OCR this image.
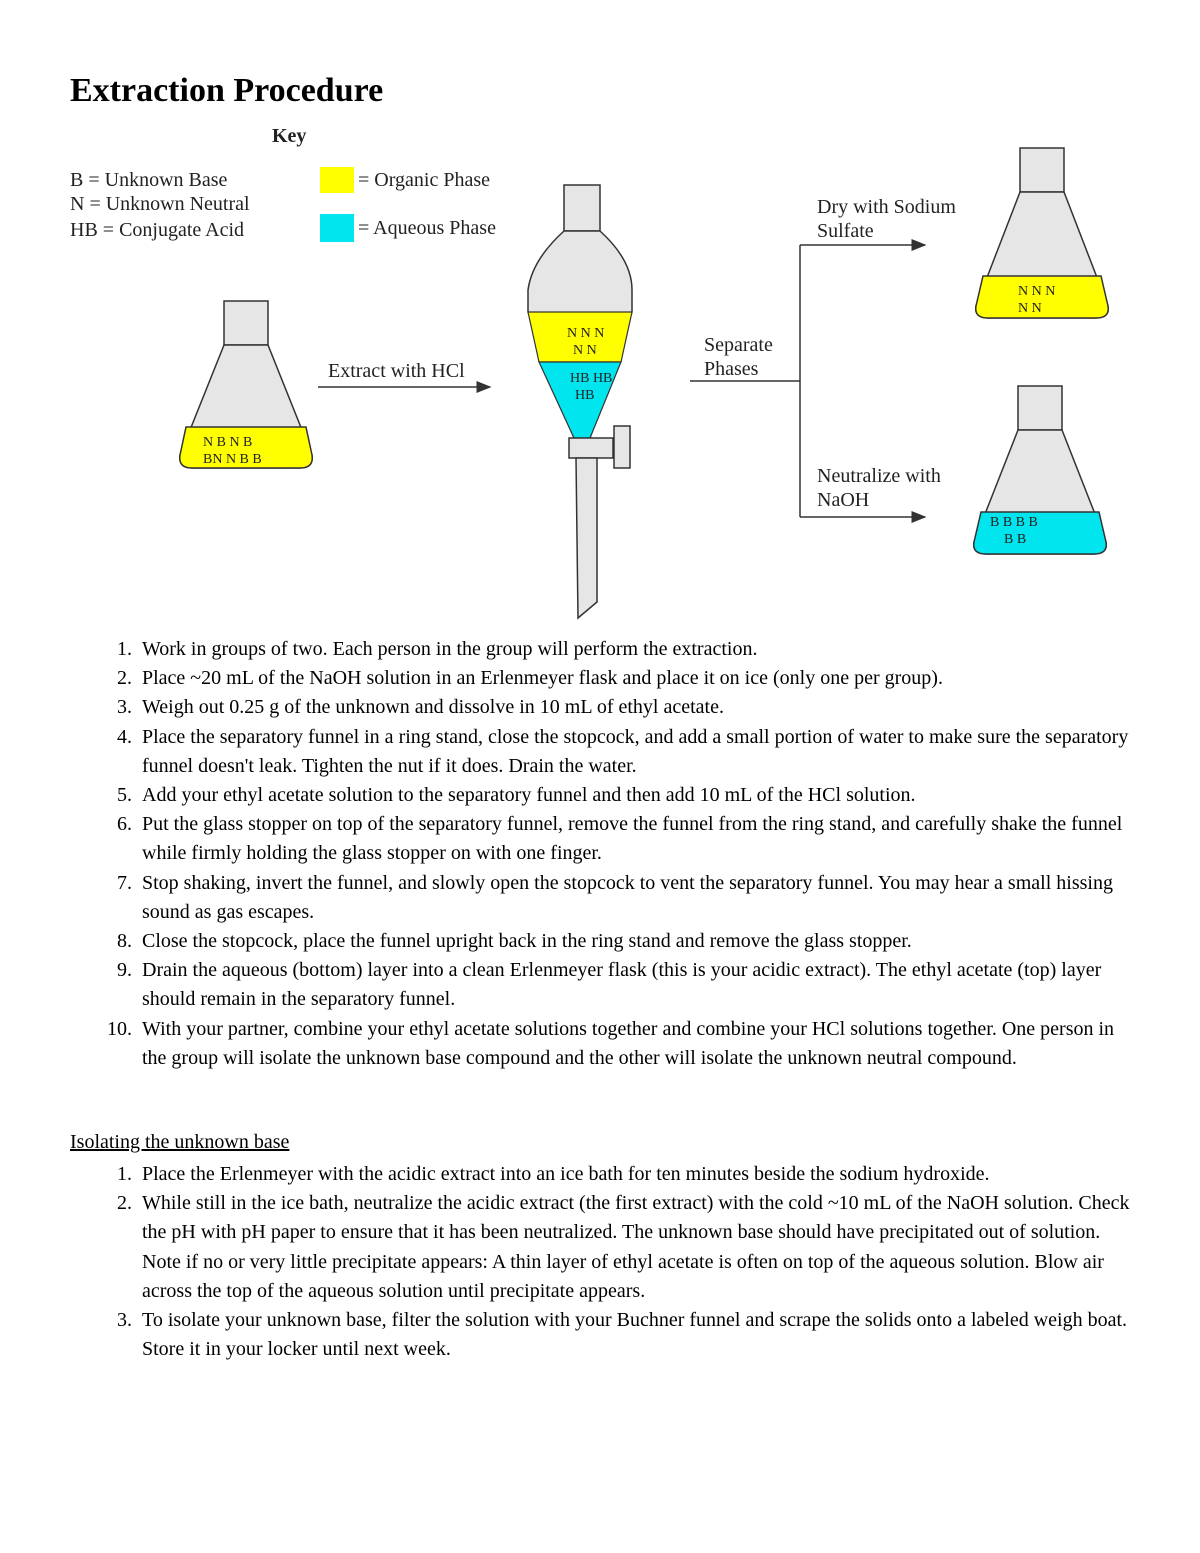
Extraction Procedure
Key
B = Unknown Base
N = Unknown Neutral
HB = Conjugate Acid
= Organic Phase
= Aqueous Phase
N B N B
BN N B B
Extract with HCl
N N N
N N
HB HB
HB
Separate
Phases
Dry with Sodium
Sulfate
Neutralize with
NaOH
N N N
N N
B B B B
B B
1. Work in groups of two. Each person in the group will perform the extraction.
2. Place ~20 mL of the NaOH solution in an Erlenmeyer flask and place it on ice (only one per group).
3. Weigh out 0.25 g of the unknown and dissolve in 10 mL of ethyl acetate.
4. Place the separatory funnel in a ring stand, close the stopcock, and add a small portion of water to make sure the separatory funnel doesn't leak. Tighten the nut if it does. Drain the water.
5. Add your ethyl acetate solution to the separatory funnel and then add 10 mL of the HCl solution.
6. Put the glass stopper on top of the separatory funnel, remove the funnel from the ring stand, and carefully shake the funnel while firmly holding the glass stopper on with one finger.
7. Stop shaking, invert the funnel, and slowly open the stopcock to vent the separatory funnel. You may hear a small hissing sound as gas escapes.
8. Close the stopcock, place the funnel upright back in the ring stand and remove the glass stopper.
9. Drain the aqueous (bottom) layer into a clean Erlenmeyer flask (this is your acidic extract). The ethyl acetate (top) layer should remain in the separatory funnel.
10. With your partner, combine your ethyl acetate solutions together and combine your HCl solutions together. One person in the group will isolate the unknown base compound and the other will isolate the unknown neutral compound.
Isolating the unknown base
1. Place the Erlenmeyer with the acidic extract into an ice bath for ten minutes beside the sodium hydroxide.
2. While still in the ice bath, neutralize the acidic extract (the first extract) with the cold ~10 mL of the NaOH solution. Check the pH with pH paper to ensure that it has been neutralized. The unknown base should have precipitated out of solution. Note if no or very little precipitate appears: A thin layer of ethyl acetate is often on top of the aqueous solution. Blow air across the top of the aqueous solution until precipitate appears.
3. To isolate your unknown base, filter the solution with your Buchner funnel and scrape the solids onto a labeled weigh boat. Store it in your locker until next week.
